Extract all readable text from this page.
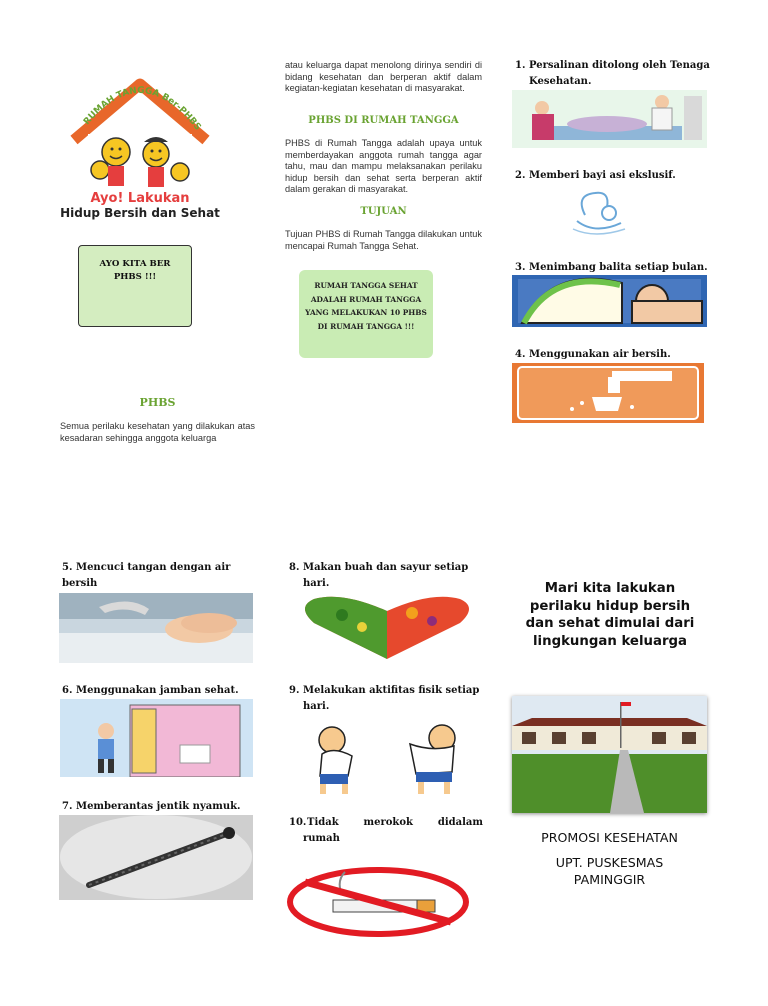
RUMAH TANGGA Ber-PHBS
Ayo! Lakukan
Hidup Bersih dan Sehat
AYO KITA BER
PHBS !!!
PHBS
Semua perilaku kesehatan yang dilakukan atas kesadaran sehingga anggota keluarga
atau keluarga dapat menolong dirinya sendiri di bidang kesehatan dan berperan aktif dalam kegiatan-kegiatan kesehatan di masyarakat.
PHBS DI RUMAH TANGGA
PHBS di Rumah Tangga adalah upaya untuk memberdayakan anggota rumah tangga agar tahu, mau dan mampu melaksanakan perilaku hidup bersih dan sehat serta berperan aktif dalam gerakan di masyarakat.
TUJUAN
Tujuan PHBS di Rumah Tangga dilakukan untuk mencapai Rumah Tangga Sehat.
RUMAH TANGGA SEHAT
ADALAH RUMAH TANGGA
YANG MELAKUKAN 10 PHBS
DI RUMAH TANGGA !!!
1. Persalinan ditolong oleh Tenaga
Kesehatan.
2. Memberi bayi asi ekslusif.
3. Menimbang balita setiap bulan.
4. Menggunakan air bersih.
5. Mencuci tangan dengan air bersih
6. Menggunakan jamban sehat.
7. Memberantas jentik nyamuk.
8. Makan buah dan sayur setiap
hari.
9. Melakukan aktifitas fisik setiap
hari.
10.Tidak merokok didalam
rumah
Mari kita lakukan perilaku hidup bersih dan sehat dimulai dari lingkungan keluarga
PROMOSI KESEHATAN
UPT. PUSKESMAS
PAMINGGIR
